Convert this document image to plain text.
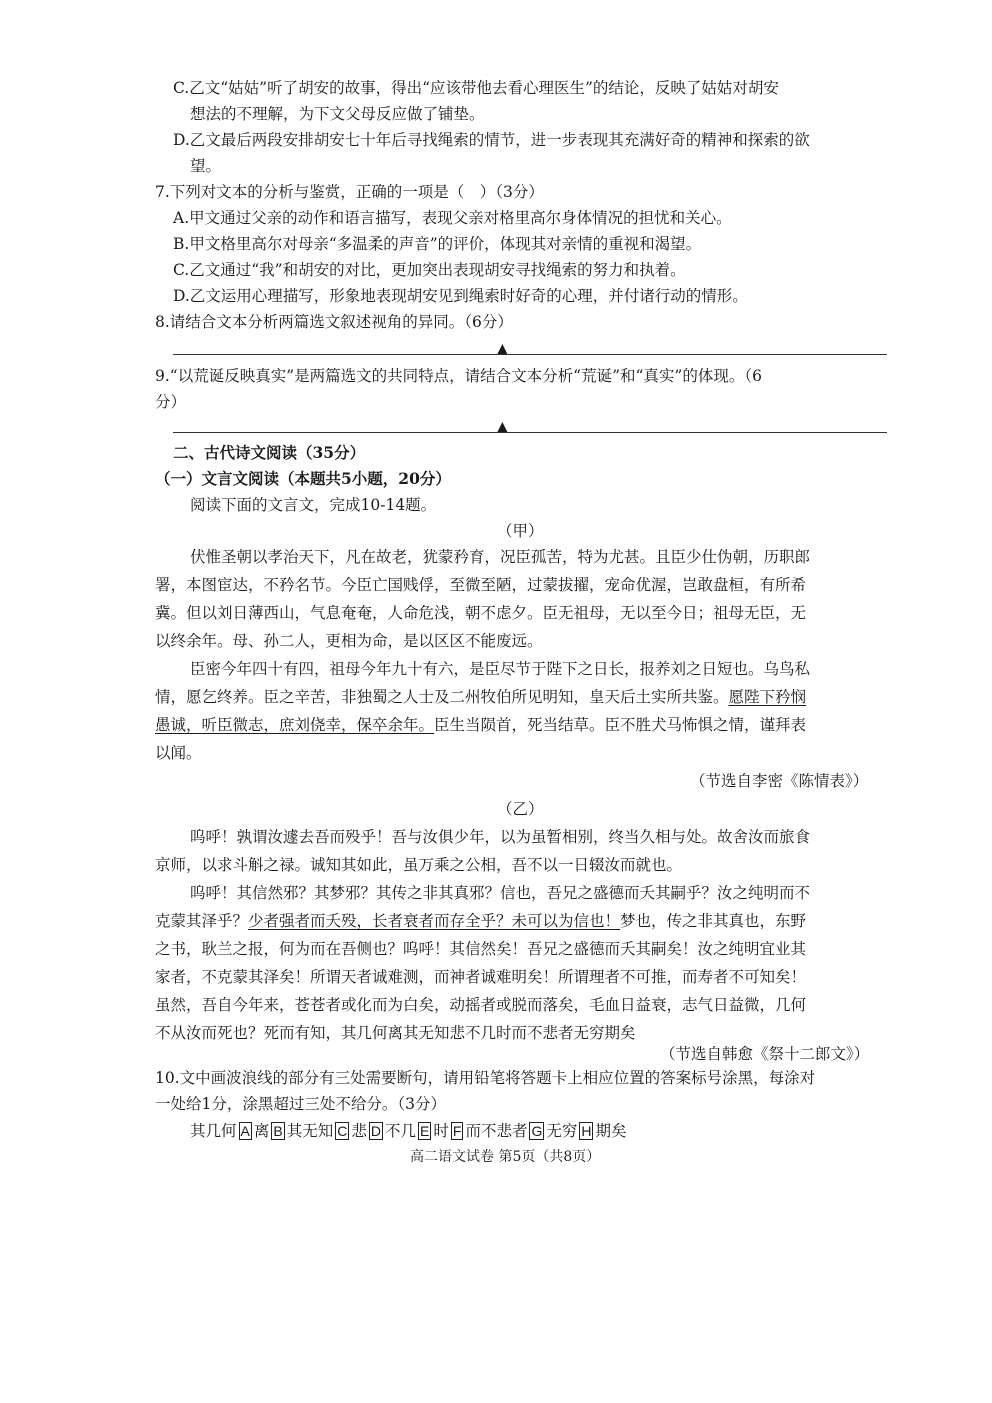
C.乙文“姑姑”听了胡安的故事，得出“应该带他去看心理医生”的结论，反映了姑姑对胡安
想法的不理解，为下文父母反应做了铺垫。
D.乙文最后两段安排胡安七十年后寻找绳索的情节，进一步表现其充满好奇的精神和探索的欲
望。
7.下列对文本的分析与鉴赏，正确的一项是（　）（3分）
A.甲文通过父亲的动作和语言描写，表现父亲对格里高尔身体情况的担忧和关心。
B.甲文格里高尔对母亲“多温柔的声音”的评价，体现其对亲情的重视和渴望。
C.乙文通过“我”和胡安的对比，更加突出表现胡安寻找绳索的努力和执着。
D.乙文运用心理描写，形象地表现胡安见到绳索时好奇的心理，并付诸行动的情形。
8.请结合文本分析两篇选文叙述视角的异同。（6分）
▲
9.“以荒诞反映真实”是两篇选文的共同特点，请结合文本分析“荒诞”和“真实”的体现。（6
分）
▲
二、古代诗文阅读（35分）
（一）文言文阅读（本题共5小题，20分）
阅读下面的文言文，完成10-14题。
（甲）
伏惟圣朝以孝治天下，凡在故老，犹蒙矜育，况臣孤苦，特为尤甚。且臣少仕伪朝，历职郎
署，本图宦达，不矜名节。今臣亡国贱俘，至微至陋，过蒙拔擢，宠命优渥，岂敢盘桓，有所希
冀。但以刘日薄西山，气息奄奄，人命危浅，朝不虑夕。臣无祖母，无以至今日；祖母无臣，无
以终余年。母、孙二人，更相为命，是以区区不能废远。
臣密今年四十有四，祖母今年九十有六，是臣尽节于陛下之日长，报养刘之日短也。乌鸟私
情，愿乞终养。臣之辛苦，非独蜀之人士及二州牧伯所见明知，皇天后土实所共鉴。愿陛下矜悯
愚诚，听臣微志，庶刘侥幸，保卒余年。臣生当陨首，死当结草。臣不胜犬马怖惧之情，谨拜表
以闻。
（节选自李密《陈情表》）
（乙）
呜呼！孰谓汝遽去吾而殁乎！吾与汝俱少年，以为虽暂相别，终当久相与处。故舍汝而旅食
京师，以求斗斛之禄。诚知其如此，虽万乘之公相，吾不以一日辍汝而就也。
呜呼！其信然邪？其梦邪？其传之非其真邪？信也，吾兄之盛德而夭其嗣乎？汝之纯明而不
克蒙其泽乎？少者强者而夭殁，长者衰者而存全乎？未可以为信也！梦也，传之非其真也，东野
之书，耿兰之报，何为而在吾侧也？呜呼！其信然矣！吾兄之盛德而夭其嗣矣！汝之纯明宜业其
家者，不克蒙其泽矣！所谓天者诚难测，而神者诚难明矣！所谓理者不可推，而寿者不可知矣！
虽然，吾自今年来，苍苍者或化而为白矣，动摇者或脱而落矣，毛血日益衰，志气日益微，几何
不从汝而死也？死而有知，其几何离其无知悲不几时而不悲者无穷期矣
（节选自韩愈《祭十二郎文》）
10.文中画波浪线的部分有三处需要断句，请用铅笔将答题卡上相应位置的答案标号涂黑，每涂对
一处给1分，涂黑超过三处不给分。（3分）
其几何 A 离 B 其无知 C 悲 D 不几 E 时 F 而不悲者 G 无穷 H 期矣
高二语文试卷 第5页（共8页）
